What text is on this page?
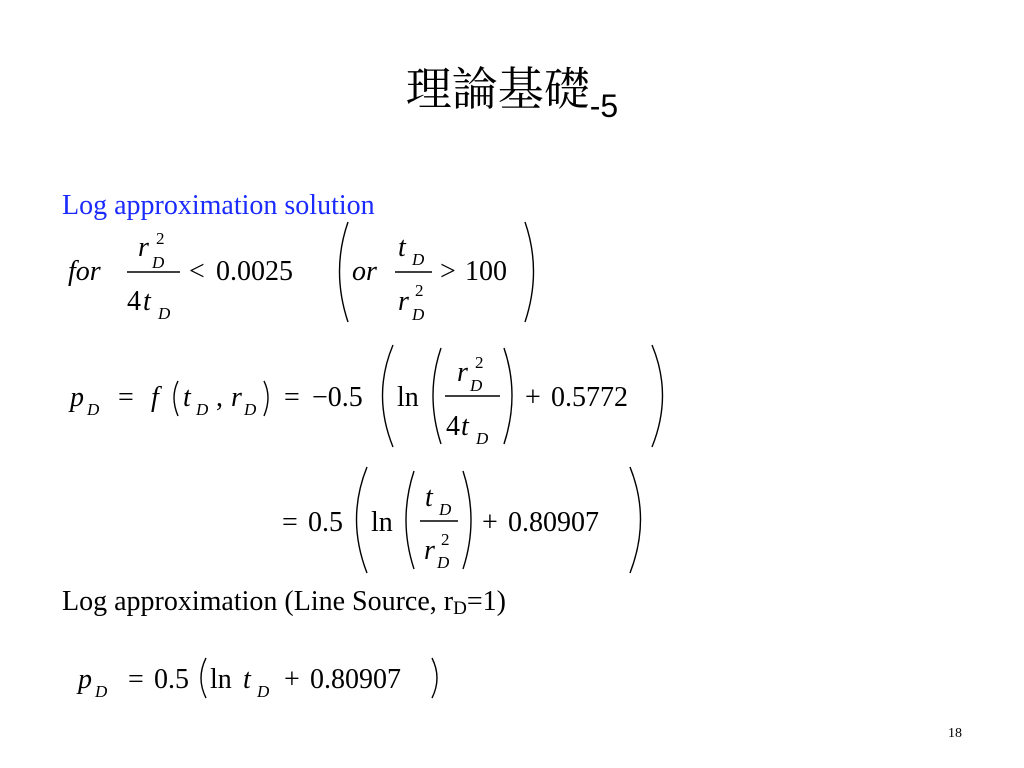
理論基礎$_{-5}$
Log approximation solution
Log approximation (Line Source, $r_D=1$)
for
r 2
D
4 t D
< 0.0025 or
t D
r 2
D
> 100
p D = f t D , r D = −0.5 ln
r 2
D
4 t D
+ 0.5772
= 0.5 ln
t D
r 2
D
+ 0.80907
p D = 0.5 ln t D + 0.80907
18
